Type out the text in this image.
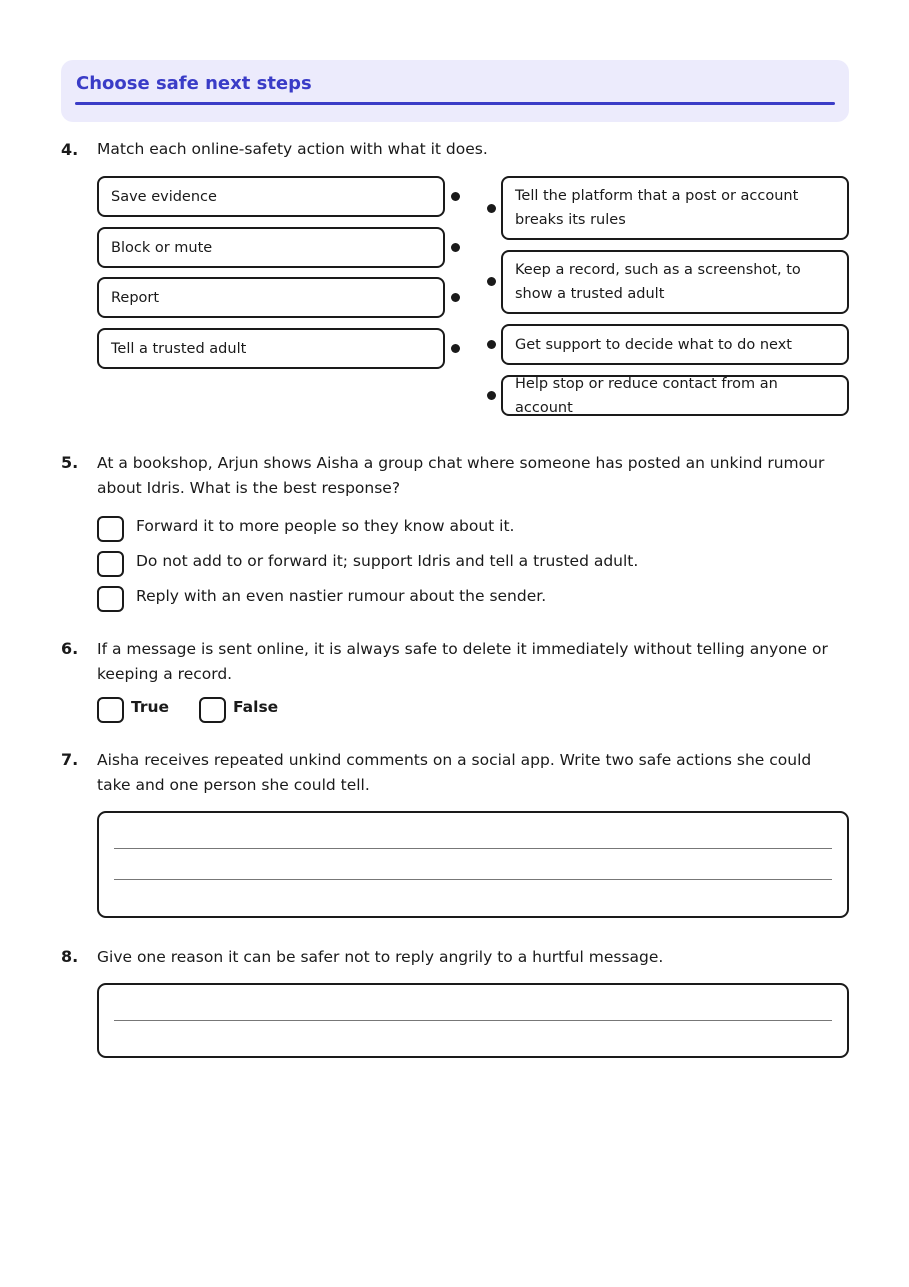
Choose safe next steps
4. Match each online-safety action with what it does.
Save evidence
Block or mute
Report
Tell a trusted adult
Tell the platform that a post or account breaks its rules
Keep a record, such as a screenshot, to show a trusted adult
Get support to decide what to do next
Help stop or reduce contact from an account
5. At a bookshop, Arjun shows Aisha a group chat where someone has posted an unkind rumour about Idris. What is the best response?
Forward it to more people so they know about it.
Do not add to or forward it; support Idris and tell a trusted adult.
Reply with an even nastier rumour about the sender.
6. If a message is sent online, it is always safe to delete it immediately without telling anyone or keeping a record.
True	False
7. Aisha receives repeated unkind comments on a social app. Write two safe actions she could take and one person she could tell.
8. Give one reason it can be safer not to reply angrily to a hurtful message.
